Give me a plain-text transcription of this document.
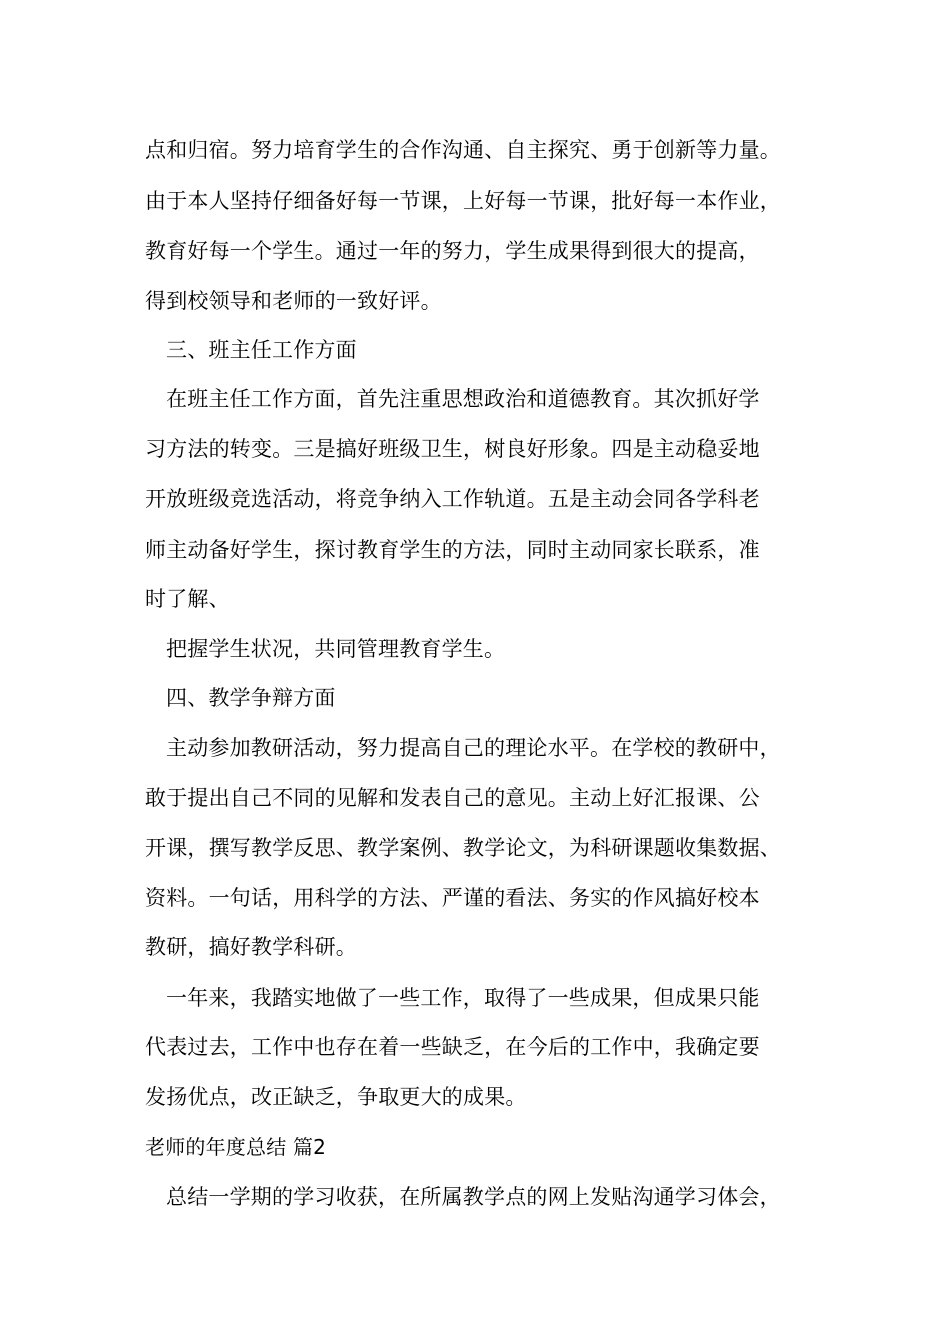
点和归宿。努力培育学生的合作沟通、自主探究、勇于创新等力量。
由于本人坚持仔细备好每一节课，上好每一节课，批好每一本作业，
教育好每一个学生。通过一年的努力，学生成果得到很大的提高，
得到校领导和老师的一致好评。
三、班主任工作方面
在班主任工作方面，首先注重思想政治和道德教育。其次抓好学
习方法的转变。三是搞好班级卫生，树良好形象。四是主动稳妥地
开放班级竞选活动，将竞争纳入工作轨道。五是主动会同各学科老
师主动备好学生，探讨教育学生的方法，同时主动同家长联系，准
时了解、
把握学生状况，共同管理教育学生。
四、教学争辩方面
主动参加教研活动，努力提高自己的理论水平。在学校的教研中，
敢于提出自己不同的见解和发表自己的意见。主动上好汇报课、公
开课，撰写教学反思、教学案例、教学论文，为科研课题收集数据、
资料。一句话，用科学的方法、严谨的看法、务实的作风搞好校本
教研，搞好教学科研。
一年来，我踏实地做了一些工作，取得了一些成果，但成果只能
代表过去，工作中也存在着一些缺乏，在今后的工作中，我确定要
发扬优点，改正缺乏，争取更大的成果。
老师的年度总结 篇2
总结一学期的学习收获，在所属教学点的网上发贴沟通学习体会，
